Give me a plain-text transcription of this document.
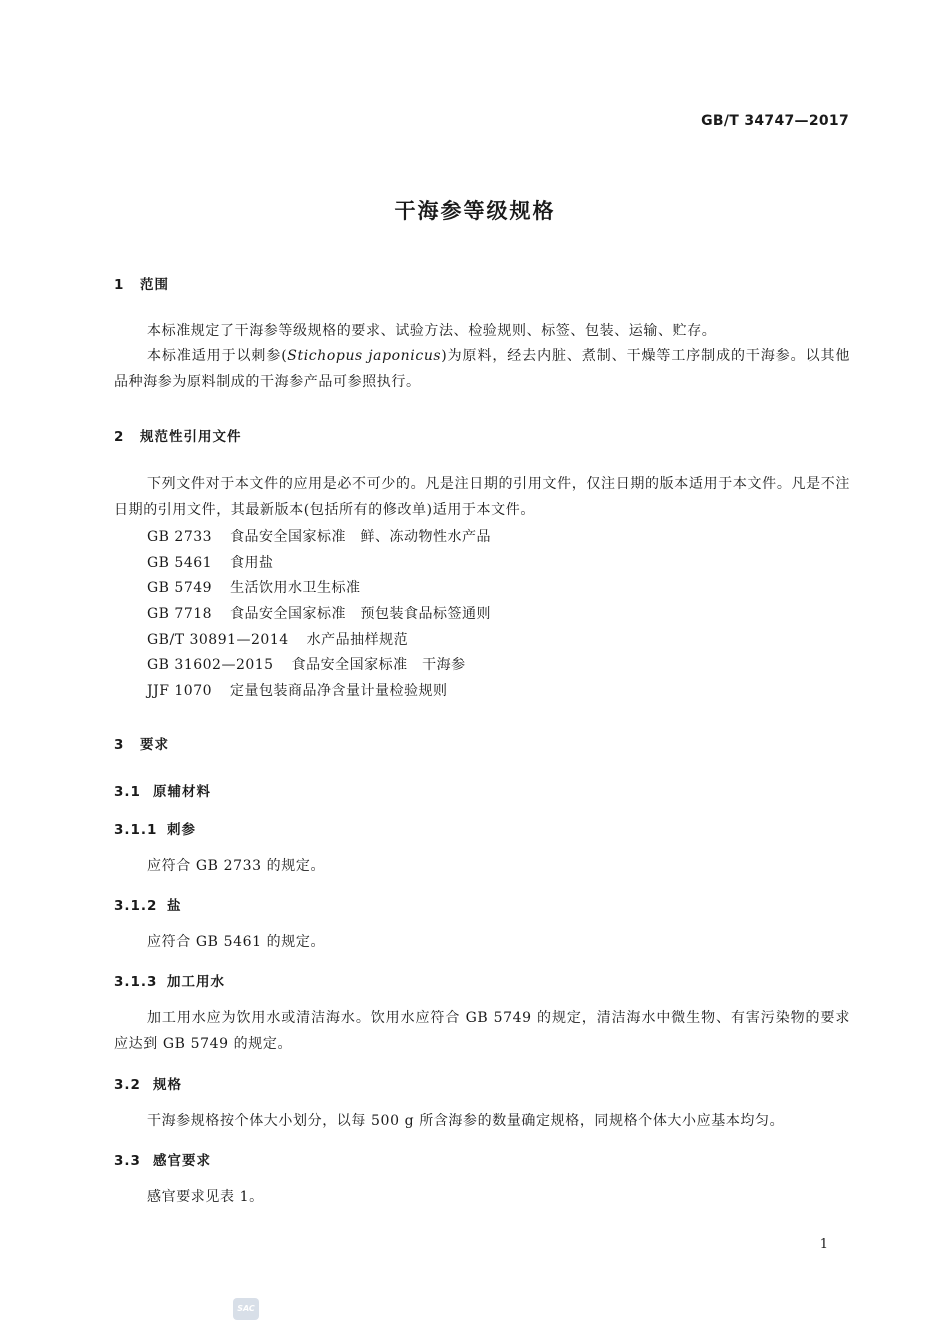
GB/T 34747—2017
干海参等级规格
1 范围
本标准规定了干海参等级规格的要求、试验方法、检验规则、标签、包装、运输、贮存。
本标准适用于以刺参(Stichopus japonicus)为原料，经去内脏、煮制、干燥等工序制成的干海参。以其他品种海参为原料制成的干海参产品可参照执行。
2 规范性引用文件
下列文件对于本文件的应用是必不可少的。凡是注日期的引用文件，仅注日期的版本适用于本文件。凡是不注日期的引用文件，其最新版本(包括所有的修改单)适用于本文件。
GB 2733 食品安全国家标准　鲜、冻动物性水产品
GB 5461 食用盐
GB 5749 生活饮用水卫生标准
GB 7718 食品安全国家标准　预包装食品标签通则
GB/T 30891—2014 水产品抽样规范
GB 31602—2015 食品安全国家标准　干海参
JJF 1070 定量包装商品净含量计量检验规则
3 要求
3.1 原辅材料
3.1.1 刺参
应符合 GB 2733 的规定。
3.1.2 盐
应符合 GB 5461 的规定。
3.1.3 加工用水
加工用水应为饮用水或清洁海水。饮用水应符合 GB 5749 的规定，清洁海水中微生物、有害污染物的要求应达到 GB 5749 的规定。
3.2 规格
干海参规格按个体大小划分，以每 500 g 所含海参的数量确定规格，同规格个体大小应基本均匀。
3.3 感官要求
感官要求见表 1。
1
SAC
